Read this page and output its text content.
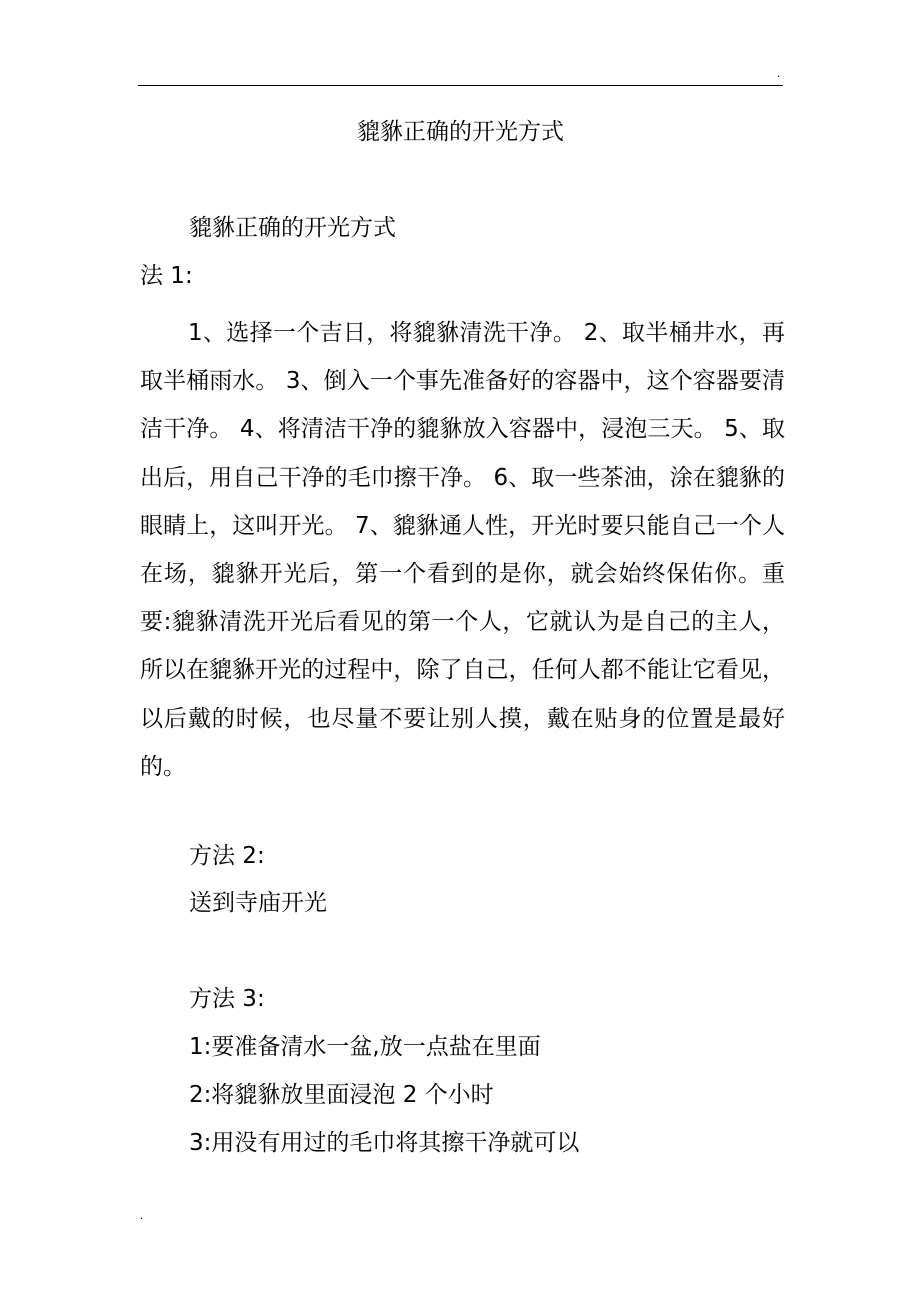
.
貔貅正确的开光方式
貔貅正确的开光方式
法 1:
1、选择一个吉日，将貔貅清洗干净。 2、取半桶井水，再取半桶雨水。 3、倒入一个事先准备好的容器中，这个容器要清洁干净。 4、将清洁干净的貔貅放入容器中，浸泡三天。 5、取出后，用自己干净的毛巾擦干净。 6、取一些茶油，涂在貔貅的眼睛上，这叫开光。 7、貔貅通人性，开光时要只能自己一个人在场，貔貅开光后，第一个看到的是你，就会始终保佑你。重要:貔貅清洗开光后看见的第一个人，它就认为是自己的主人，所以在貔貅开光的过程中，除了自己，任何人都不能让它看见，以后戴的时候，也尽量不要让别人摸，戴在贴身的位置是最好的。
方法 2:
送到寺庙开光
方法 3:
1:要准备清水一盆,放一点盐在里面
2:将貔貅放里面浸泡 2 个小时
3:用没有用过的毛巾将其擦干净就可以
.
